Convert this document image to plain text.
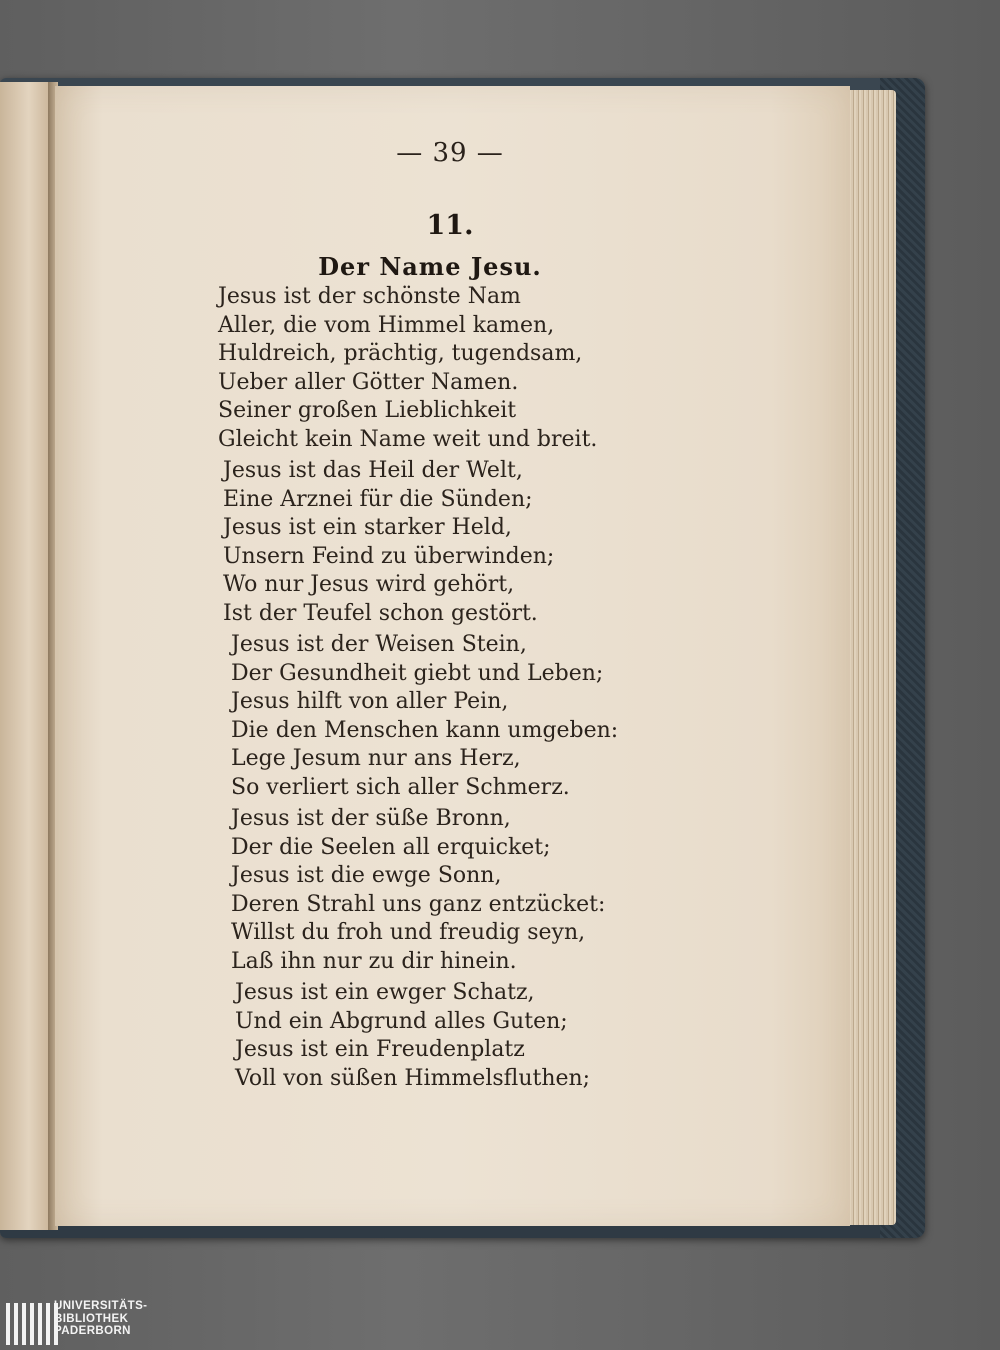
— 39 —
11.
Der Name Jesu.
Jesus ist der schönste Nam
Aller, die vom Himmel kamen,
Huldreich, prächtig, tugendsam,
Ueber aller Götter Namen.
Seiner großen Lieblichkeit
Gleicht kein Name weit und breit.
Jesus ist das Heil der Welt,
Eine Arznei für die Sünden;
Jesus ist ein starker Held,
Unsern Feind zu überwinden;
Wo nur Jesus wird gehört,
Ist der Teufel schon gestört.
Jesus ist der Weisen Stein,
Der Gesundheit giebt und Leben;
Jesus hilft von aller Pein,
Die den Menschen kann umgeben:
Lege Jesum nur ans Herz,
So verliert sich aller Schmerz.
Jesus ist der süße Bronn,
Der die Seelen all erquicket;
Jesus ist die ewge Sonn,
Deren Strahl uns ganz entzücket:
Willst du froh und freudig seyn,
Laß ihn nur zu dir hinein.
Jesus ist ein ewger Schatz,
Und ein Abgrund alles Guten;
Jesus ist ein Freudenplatz
Voll von süßen Himmelsfluthen;
UNIVERSITÄTS-
BIBLIOTHEK
PADERBORN
